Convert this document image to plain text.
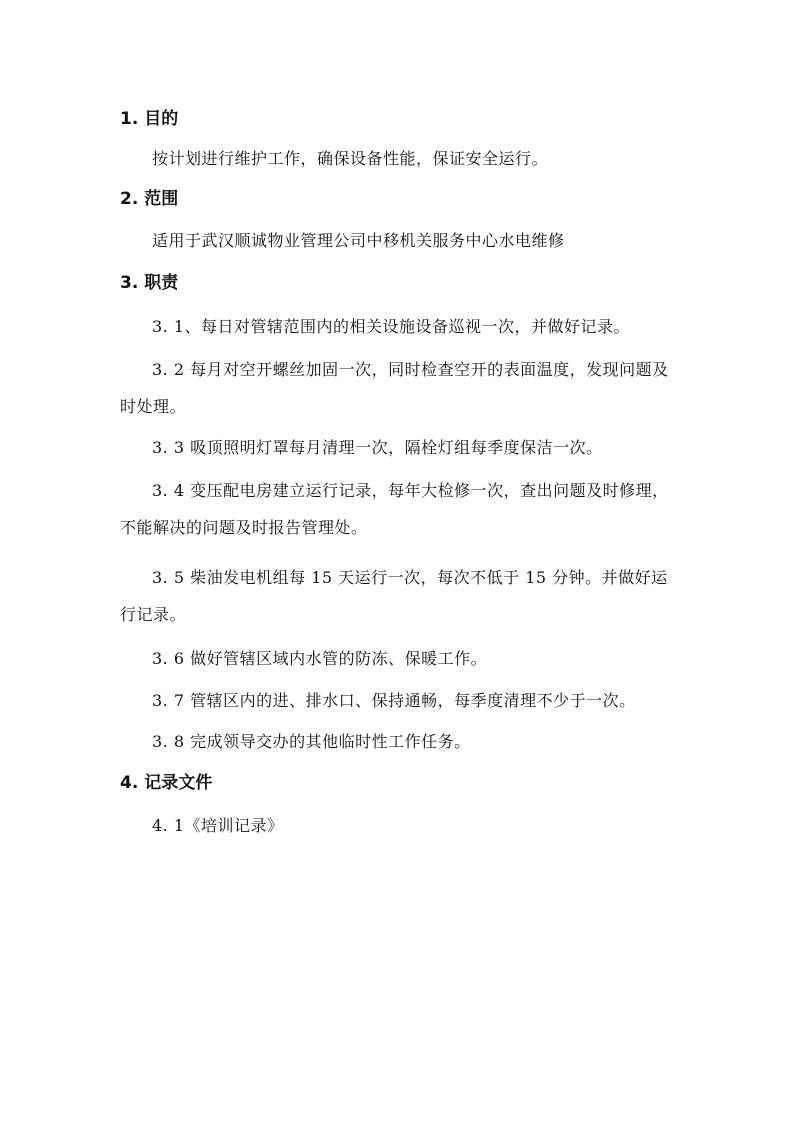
1. 目的
按计划进行维护工作，确保设备性能，保证安全运行。
2. 范围
适用于武汉顺诚物业管理公司中移机关服务中心水电维修
3. 职责
3. 1、每日对管辖范围内的相关设施设备巡视一次，并做好记录。
3. 2 每月对空开螺丝加固一次，同时检查空开的表面温度，发现问题及时处理。
3. 3 吸顶照明灯罩每月清理一次，隔栓灯组每季度保洁一次。
3. 4 变压配电房建立运行记录，每年大检修一次，查出问题及时修理，不能解决的问题及时报告管理处。
3. 5 柴油发电机组每 15 天运行一次，每次不低于 15 分钟。并做好运行记录。
3. 6 做好管辖区域内水管的防冻、保暖工作。
3. 7 管辖区内的进、排水口、保持通畅，每季度清理不少于一次。
3. 8 完成领导交办的其他临时性工作任务。
4. 记录文件
4. 1《培训记录》
